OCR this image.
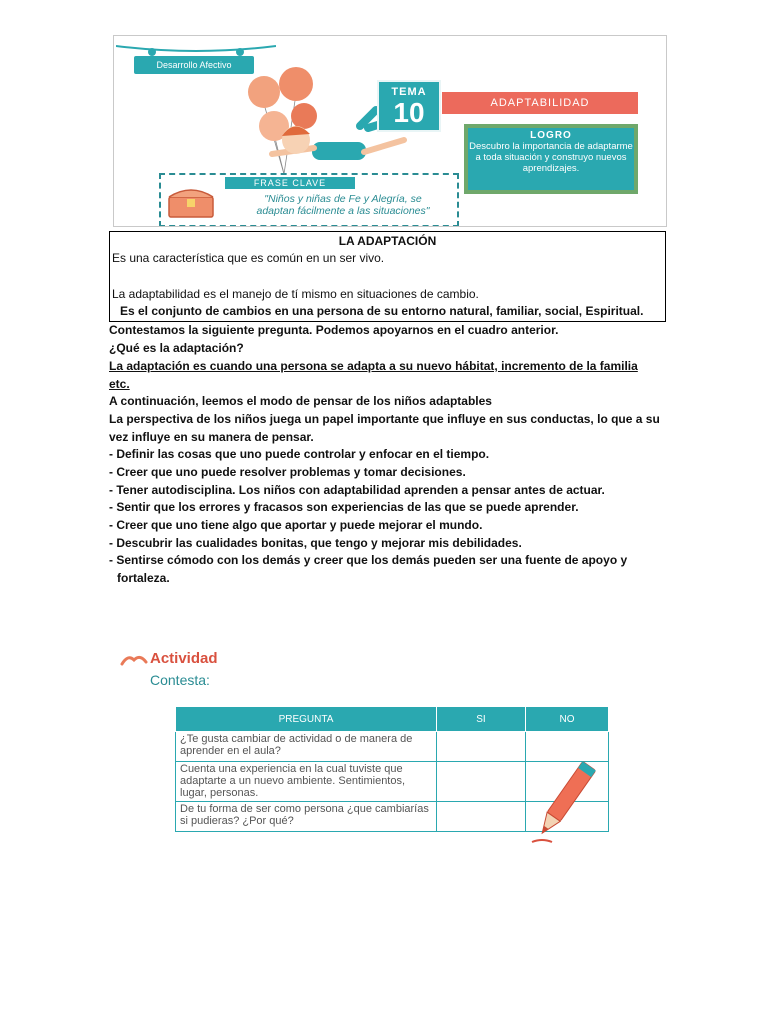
Desarrollo Afectivo
TEMA
10	ADAPTABILIDAD
LOGRO
Descubro la importancia de adaptarme a toda situación y construyo nuevos aprendizajes.
FRASE CLAVE
"Niños y niñas de Fe y Alegría, se
adaptan fácilmente a las situaciones"
LA ADAPTACIÓN
Es una característica que es común en un ser vivo.
La adaptabilidad es el manejo de tí mismo en situaciones de cambio.
Es el conjunto de cambios en una persona de su entorno natural, familiar, social, Espiritual.
Contestamos la siguiente pregunta. Podemos apoyarnos en el cuadro anterior.
¿Qué es la adaptación?
La adaptación es cuando una persona se adapta a su nuevo hábitat, incremento de la familia
etc.
A continuación, leemos el modo de pensar de los niños adaptables
La perspectiva de los niños juega un papel importante que influye en sus conductas, lo que a su
vez influye en su manera de pensar.
- Definir las cosas que uno puede controlar y enfocar en el tiempo.
- Creer que uno puede resolver problemas y tomar decisiones.
- Tener autodisciplina. Los niños con adaptabilidad aprenden a pensar antes de actuar.
- Sentir que los errores y fracasos son experiencias de las que se puede aprender.
- Creer que uno tiene algo que aportar y puede mejorar el mundo.
- Descubrir las cualidades bonitas, que tengo y mejorar mis debilidades.
- Sentirse cómodo con los demás y creer que los demás pueden ser una fuente de apoyo y
fortaleza.
Actividad
Contesta:
PREGUNTA	SI	NO
¿Te gusta cambiar de actividad o de manera de aprender en el aula?		
Cuenta una experiencia en la cual tuviste que adaptarte a un nuevo ambiente. Sentimientos, lugar, personas.		
De tu forma de ser como persona ¿que cambiarías si pudieras? ¿Por qué?		
